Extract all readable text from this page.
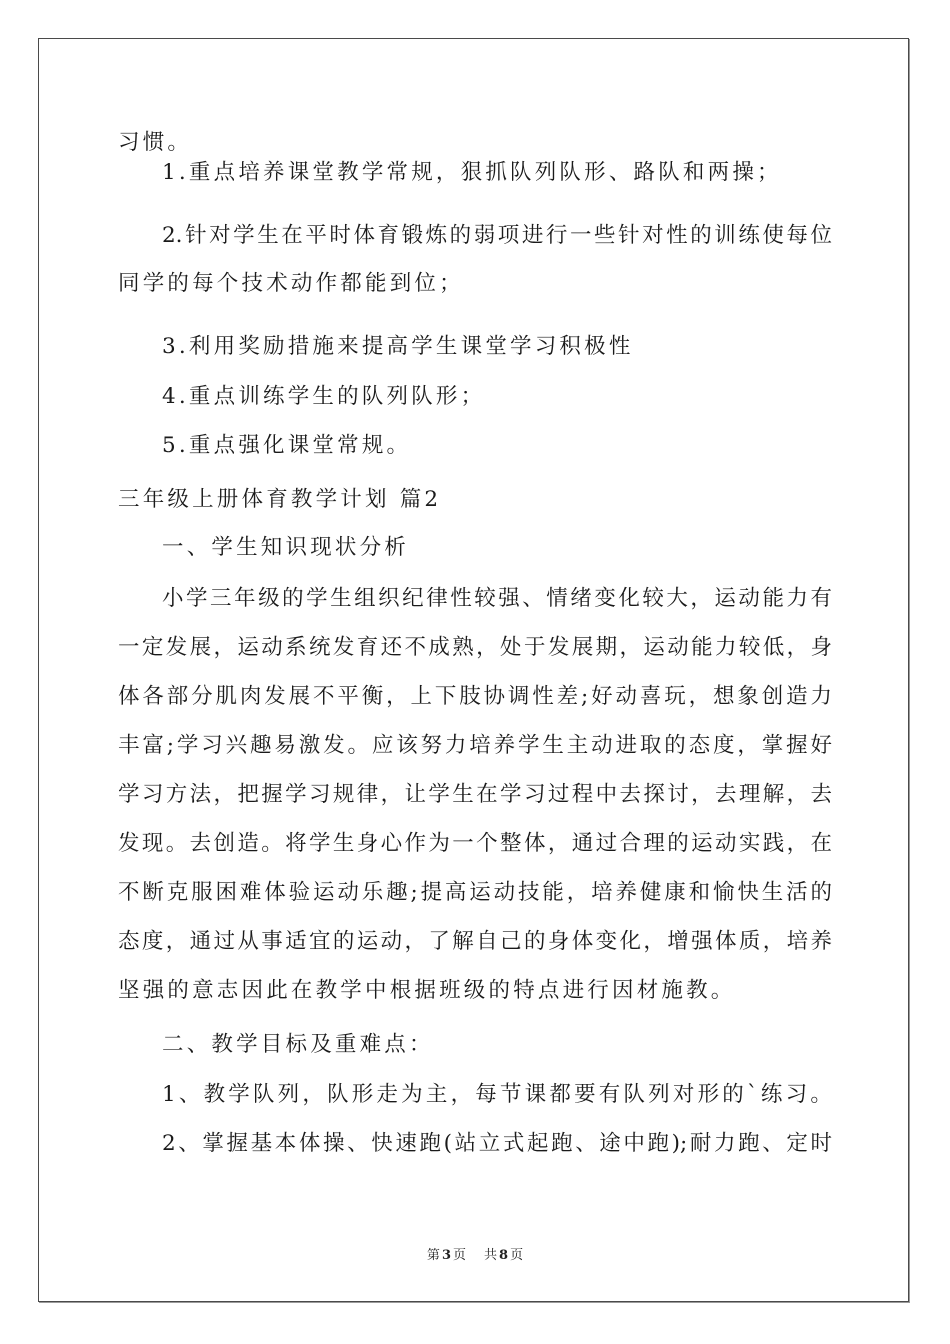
习惯。
1.重点培养课堂教学常规，狠抓队列队形、路队和两操；
2.针对学生在平时体育锻炼的弱项进行一些针对性的训练使每位
同学的每个技术动作都能到位；
3.利用奖励措施来提高学生课堂学习积极性
4.重点训练学生的队列队形；
5.重点强化课堂常规。
三年级上册体育教学计划 篇2
一、学生知识现状分析
小学三年级的学生组织纪律性较强、情绪变化较大，运动能力有
一定发展，运动系统发育还不成熟，处于发展期，运动能力较低，身
体各部分肌肉发展不平衡，上下肢协调性差;好动喜玩，想象创造力
丰富;学习兴趣易激发。应该努力培养学生主动进取的态度，掌握好
学习方法，把握学习规律，让学生在学习过程中去探讨，去理解，去
发现。去创造。将学生身心作为一个整体，通过合理的运动实践，在
不断克服困难体验运动乐趣;提高运动技能，培养健康和愉快生活的
态度，通过从事适宜的运动，了解自己的身体变化，增强体质，培养
坚强的意志因此在教学中根据班级的特点进行因材施教。
二、教学目标及重难点：
1、教学队列，队形走为主，每节课都要有队列对形的`练习。
2、掌握基本体操、快速跑(站立式起跑、途中跑);耐力跑、定时
第 3 页 共 8 页
